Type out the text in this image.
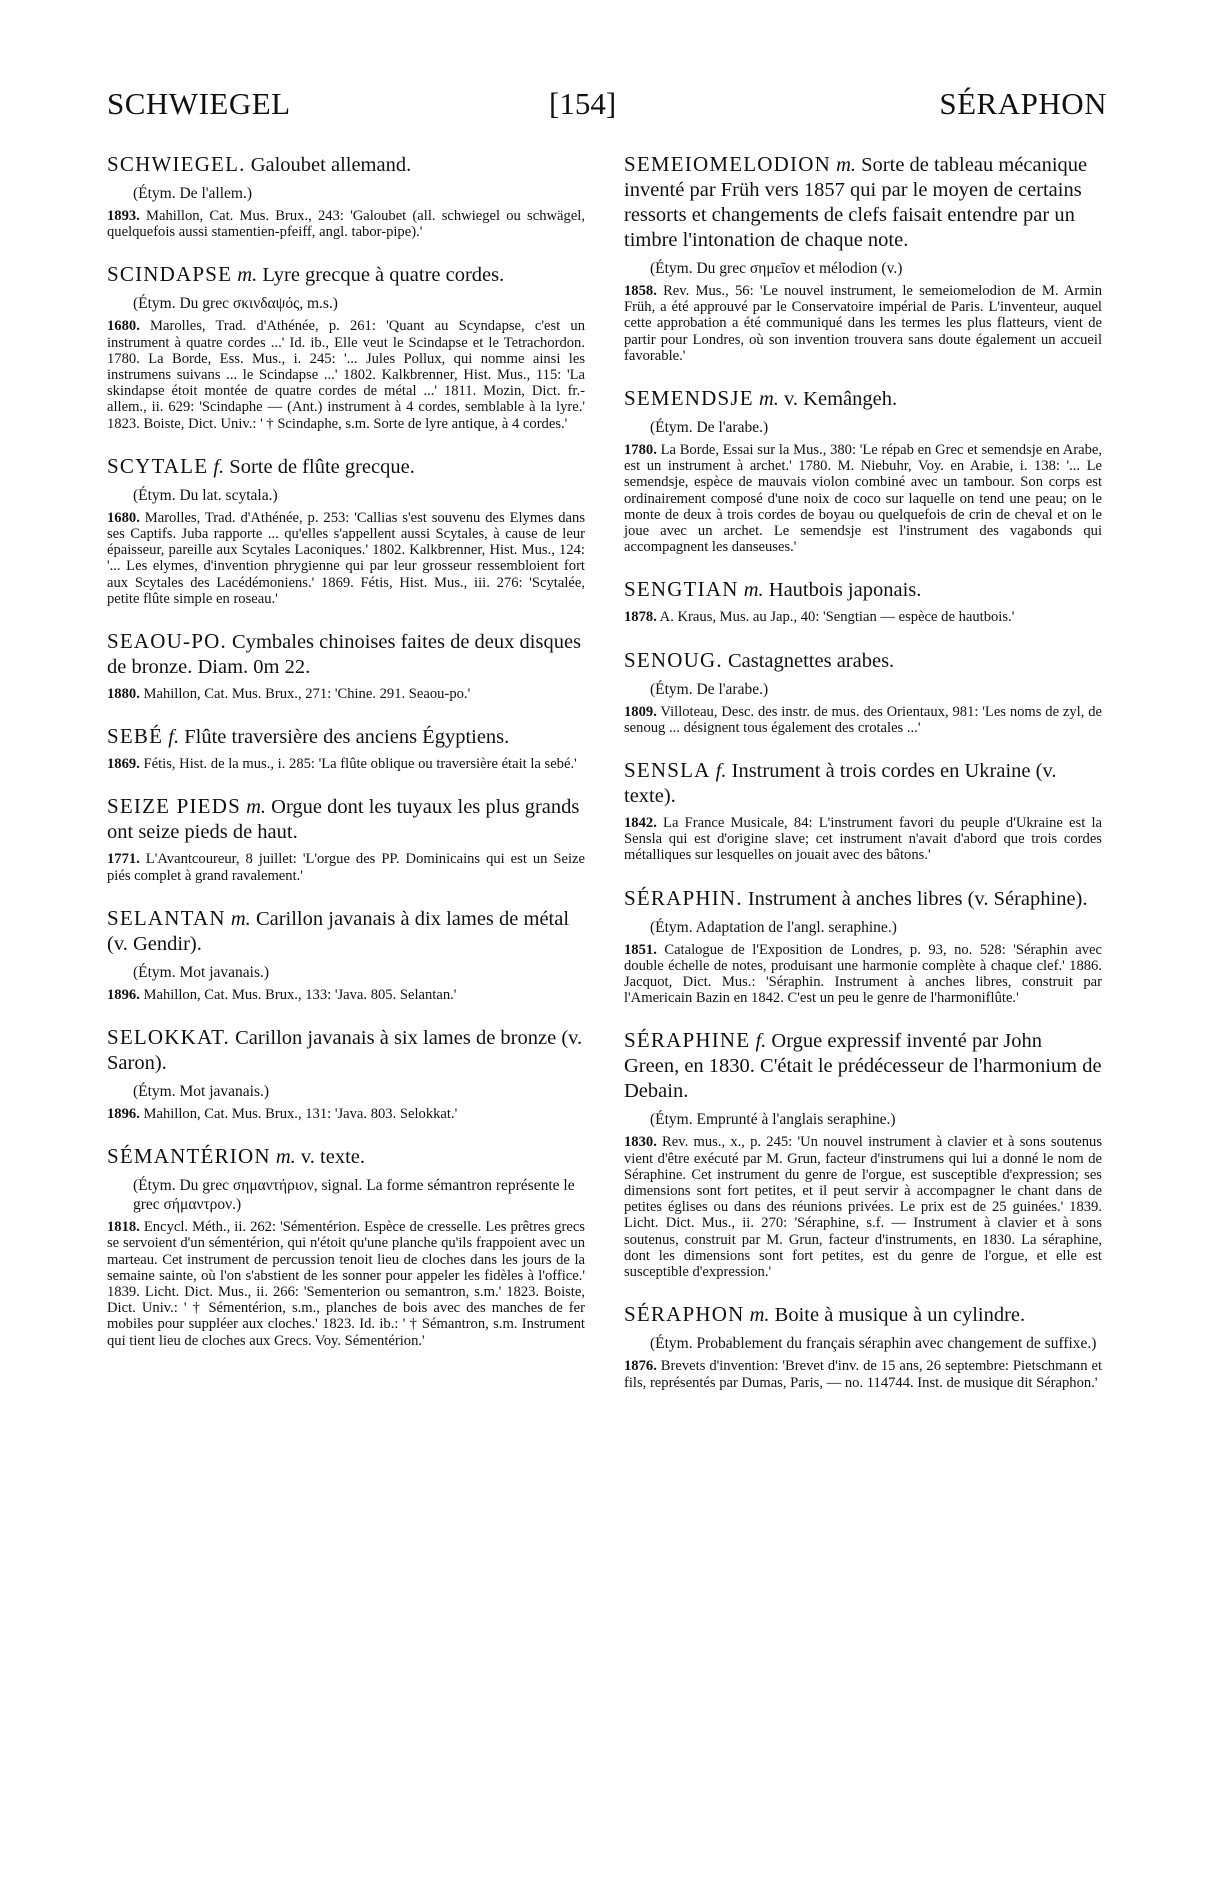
SCHWIEGEL	[154]	SÉRAPHON

SCHWIEGEL. Galoubet allemand.

(Étym. De l'allem.)

1893. Mahillon, Cat. Mus. Brux., 243: 'Galoubet (all. schwiegel ou schwägel, quelquefois aussi stamentien-pfeiff, angl. tabor-pipe).'

SCINDAPSE m. Lyre grecque à quatre cordes.

(Étym. Du grec σκινδαψός, m.s.)

1680. Marolles, Trad. d'Athénée, p. 261: 'Quant au Scyndapse, c'est un instrument à quatre cordes ...' Id. ib., Elle veut le Scindapse et le Tetrachordon. 1780. La Borde, Ess. Mus., i. 245: '... Jules Pollux, qui nomme ainsi les instrumens suivans ... le Scindapse ...' 1802. Kalkbrenner, Hist. Mus., 115: 'La skindapse étoit montée de quatre cordes de métal ...' 1811. Mozin, Dict. fr.-allem., ii. 629: 'Scindaphe — (Ant.) instrument à 4 cordes, semblable à la lyre.' 1823. Boiste, Dict. Univ.: ' † Scindaphe, s.m. Sorte de lyre antique, à 4 cordes.'

SCYTALE f. Sorte de flûte grecque.

(Étym. Du lat. scytala.)

1680. Marolles, Trad. d'Athénée, p. 253: 'Callias s'est souvenu des Elymes dans ses Captifs. Juba rapporte ... qu'elles s'appellent aussi Scytales, à cause de leur épaisseur, pareille aux Scytales Laconiques.' 1802. Kalkbrenner, Hist. Mus., 124: '... Les elymes, d'invention phrygienne qui par leur grosseur ressembloient fort aux Scytales des Lacédémoniens.' 1869. Fétis, Hist. Mus., iii. 276: 'Scytalée, petite flûte simple en roseau.'

SEAOU-PO. Cymbales chinoises faites de deux disques de bronze. Diam. 0m 22.

1880. Mahillon, Cat. Mus. Brux., 271: 'Chine. 291. Seaou-po.'

SEBÉ f. Flûte traversière des anciens Égyptiens.

1869. Fétis, Hist. de la mus., i. 285: 'La flûte oblique ou traversière était la sebé.'

SEIZE PIEDS m. Orgue dont les tuyaux les plus grands ont seize pieds de haut.

1771. L'Avantcoureur, 8 juillet: 'L'orgue des PP. Dominicains qui est un Seize piés complet à grand ravalement.'

SELANTAN m. Carillon javanais à dix lames de métal (v. Gendir).

(Étym. Mot javanais.)

1896. Mahillon, Cat. Mus. Brux., 133: 'Java. 805. Selantan.'

SELOKKAT. Carillon javanais à six lames de bronze (v. Saron).

(Étym. Mot javanais.)

1896. Mahillon, Cat. Mus. Brux., 131: 'Java. 803. Selokkat.'

SÉMANTÉRION m. v. texte.

(Étym. Du grec σημαντήριον, signal. La forme sémantron représente le grec σήμαντρον.)

1818. Encycl. Méth., ii. 262: 'Sémentérion. Espèce de cresselle. Les prêtres grecs se servoient d'un sémentérion, qui n'étoit qu'une planche qu'ils frappoient avec un marteau. Cet instrument de percussion tenoit lieu de cloches dans les jours de la semaine sainte, où l'on s'abstient de les sonner pour appeler les fidèles à l'office.' 1839. Licht. Dict. Mus., ii. 266: 'Sementerion ou semantron, s.m.' 1823. Boiste, Dict. Univ.: ' † Sémentérion, s.m., planches de bois avec des manches de fer mobiles pour suppléer aux cloches.' 1823. Id. ib.: ' † Sémantron, s.m. Instrument qui tient lieu de cloches aux Grecs. Voy. Sémentérion.'

SEMEIOMELODION m. Sorte de tableau mécanique inventé par Früh vers 1857 qui par le moyen de certains ressorts et changements de clefs faisait entendre par un timbre l'intonation de chaque note.

(Étym. Du grec σημεῖον et mélodion (v.)

1858. Rev. Mus., 56: 'Le nouvel instrument, le semeiomelodion de M. Armin Früh, a été approuvé par le Conservatoire impérial de Paris. L'inventeur, auquel cette approbation a été communiqué dans les termes les plus flatteurs, vient de partir pour Londres, où son invention trouvera sans doute également un accueil favorable.'

SEMENDSJE m. v. Kemângeh.

(Étym. De l'arabe.)

1780. La Borde, Essai sur la Mus., 380: 'Le répab en Grec et semendsje en Arabe, est un instrument à archet.' 1780. M. Niebuhr, Voy. en Arabie, i. 138: '... Le semendsje, espèce de mauvais violon combiné avec un tambour. Son corps est ordinairement composé d'une noix de coco sur laquelle on tend une peau; on le monte de deux à trois cordes de boyau ou quelquefois de crin de cheval et on le joue avec un archet. Le semendsje est l'instrument des vagabonds qui accompagnent les danseuses.'

SENGTIAN m. Hautbois japonais.

1878. A. Kraus, Mus. au Jap., 40: 'Sengtian — espèce de hautbois.'

SENOUG. Castagnettes arabes.

(Étym. De l'arabe.)

1809. Villoteau, Desc. des instr. de mus. des Orientaux, 981: 'Les noms de zyl, de senoug ... désignent tous également des crotales ...'

SENSLA f. Instrument à trois cordes en Ukraine (v. texte).

1842. La France Musicale, 84: L'instrument favori du peuple d'Ukraine est la Sensla qui est d'origine slave; cet instrument n'avait d'abord que trois cordes métalliques sur lesquelles on jouait avec des bâtons.'

SÉRAPHIN. Instrument à anches libres (v. Séraphine).

(Étym. Adaptation de l'angl. seraphine.)

1851. Catalogue de l'Exposition de Londres, p. 93, no. 528: 'Séraphin avec double échelle de notes, produisant une harmonie complète à chaque clef.' 1886. Jacquot, Dict. Mus.: 'Séraphin. Instrument à anches libres, construit par l'Americain Bazin en 1842. C'est un peu le genre de l'harmoniflûte.'

SÉRAPHINE f. Orgue expressif inventé par John Green, en 1830. C'était le prédécesseur de l'harmonium de Debain.

(Étym. Emprunté à l'anglais seraphine.)

1830. Rev. mus., x., p. 245: 'Un nouvel instrument à clavier et à sons soutenus vient d'être exécuté par M. Grun, facteur d'instrumens qui lui a donné le nom de Séraphine. Cet instrument du genre de l'orgue, est susceptible d'expression; ses dimensions sont fort petites, et il peut servir à accompagner le chant dans de petites églises ou dans des réunions privées. Le prix est de 25 guinées.' 1839. Licht. Dict. Mus., ii. 270: 'Séraphine, s.f. — Instrument à clavier et à sons soutenus, construit par M. Grun, facteur d'instruments, en 1830. La séraphine, dont les dimensions sont fort petites, est du genre de l'orgue, et elle est susceptible d'expression.'

SÉRAPHON m. Boite à musique à un cylindre.

(Étym. Probablement du français séraphin avec changement de suffixe.)

1876. Brevets d'invention: 'Brevet d'inv. de 15 ans, 26 septembre: Pietschmann et fils, représentés par Dumas, Paris, — no. 114744. Inst. de musique dit Séraphon.'
